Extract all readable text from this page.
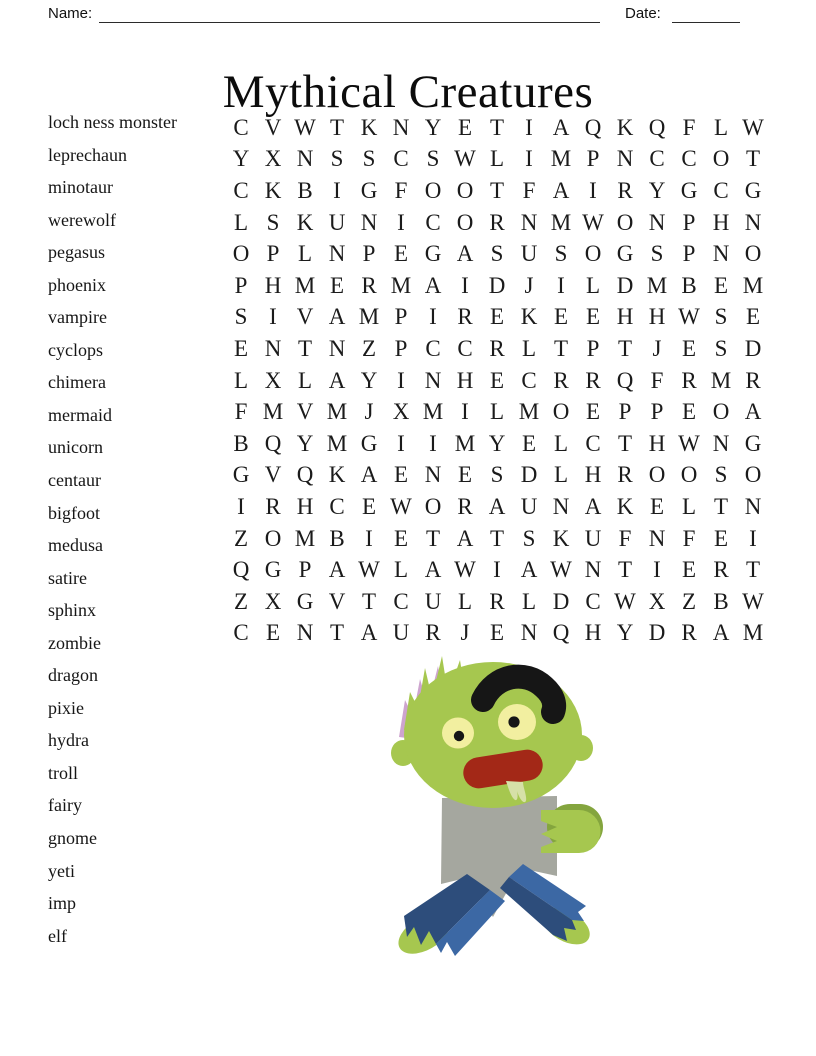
Name:	Date:
Mythical Creatures
loch ness monster
leprechaun
minotaur
werewolf
pegasus
phoenix
vampire
cyclops
chimera
mermaid
unicorn
centaur
bigfoot
medusa
satire
sphinx
zombie
dragon
pixie
hydra
troll
fairy
gnome
yeti
imp
elf
C V W T K N Y E T I A Q K Q F L W
Y X N S S C S W L I M P N C C O T
C K B I G F O O T F A I R Y G C G
L S K U N I C O R N M W O N P H N
O P L N P E G A S U S O G S P N O
P H M E R M A I D J	I L D M B E M
S I V A M P I R E K E E H H W S E
E N T N Z P C C R L T P T J E S D
L X L A Y I N H E C R R Q F R M R
F M V M J X M I L M O E P P E O A
B Q Y M G I	I M Y E L C T H W N G
G V Q K A E N E S D L H R O O S O
I R H C E W O R A U N A K E L T N
Z O M B I E T A T S K U F N F E I
Q G P A W L A W I A W N T I E R T
Z X G V T C U L R L D C W X Z B W
C E N T A U R J E N Q H Y D R A M
